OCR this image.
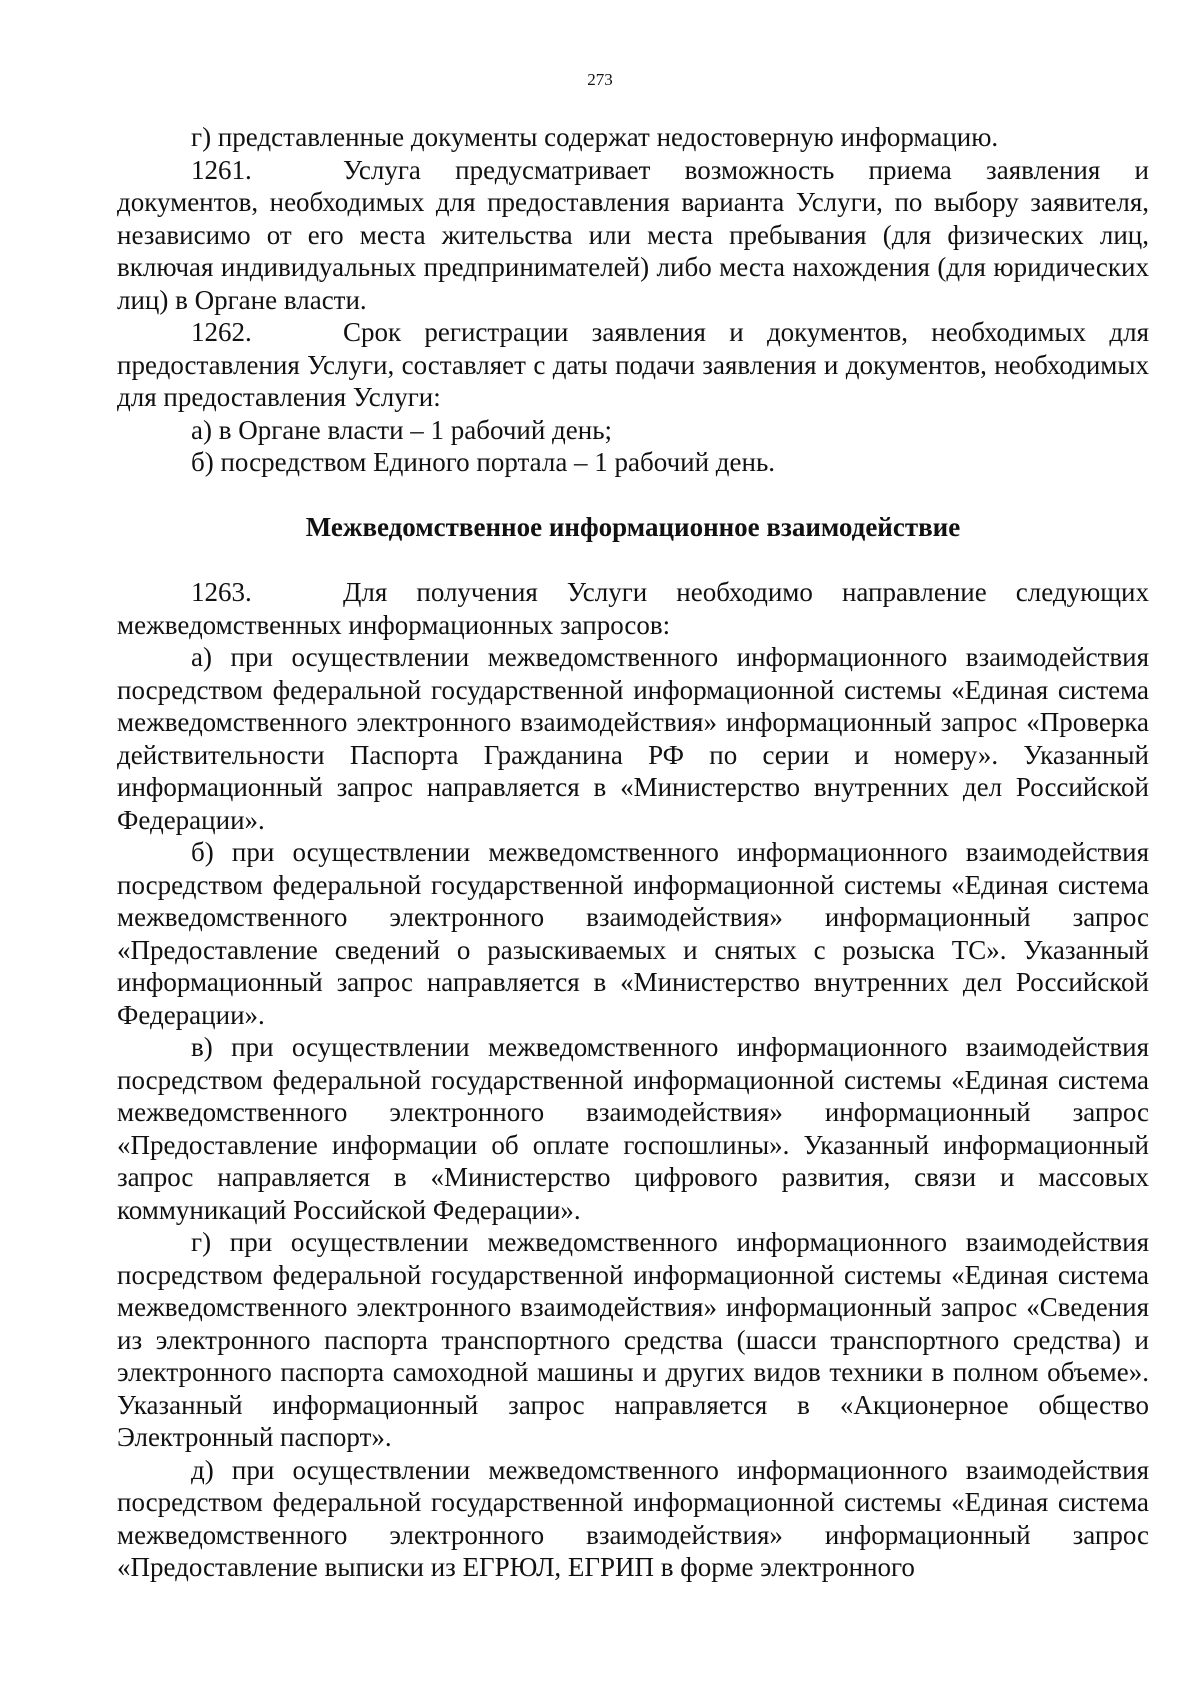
273

г) представленные документы содержат недостоверную информацию.

1261.	Услуга предусматривает возможность приема заявления и документов, необходимых для предоставления варианта Услуги, по выбору заявителя, независимо от его места жительства или места пребывания (для физических лиц, включая индивидуальных предпринимателей) либо места нахождения (для юридических лиц) в Органе власти.

1262.	Срок регистрации заявления и документов, необходимых для предоставления Услуги, составляет с даты подачи заявления и документов, необходимых для предоставления Услуги:

а) в Органе власти – 1 рабочий день;

б) посредством Единого портала – 1 рабочий день.

Межведомственное информационное взаимодействие

1263.	Для получения Услуги необходимо направление следующих межведомственных информационных запросов:

а) при осуществлении межведомственного информационного взаимодействия посредством федеральной государственной информационной системы «Единая система межведомственного электронного взаимодействия» информационный запрос «Проверка действительности Паспорта Гражданина РФ по серии и номеру». Указанный информационный запрос направляется в «Министерство внутренних дел Российской Федерации».

б) при осуществлении межведомственного информационного взаимодействия посредством федеральной государственной информационной системы «Единая система межведомственного электронного взаимодействия» информационный запрос «Предоставление сведений о разыскиваемых и снятых с розыска ТС». Указанный информационный запрос направляется в «Министерство внутренних дел Российской Федерации».

в) при осуществлении межведомственного информационного взаимодействия посредством федеральной государственной информационной системы «Единая система межведомственного электронного взаимодействия» информационный запрос «Предоставление информации об оплате госпошлины». Указанный информационный запрос направляется в «Министерство цифрового развития, связи и массовых коммуникаций Российской Федерации».

г) при осуществлении межведомственного информационного взаимодействия посредством федеральной государственной информационной системы «Единая система межведомственного электронного взаимодействия» информационный запрос «Сведения из электронного паспорта транспортного средства (шасси транспортного средства) и электронного паспорта самоходной машины и других видов техники в полном объеме». Указанный информационный запрос направляется в «Акционерное общество Электронный паспорт».

д) при осуществлении межведомственного информационного взаимодействия посредством федеральной государственной информационной системы «Единая система межведомственного электронного взаимодействия» информационный запрос «Предоставление выписки из ЕГРЮЛ, ЕГРИП в форме электронного
